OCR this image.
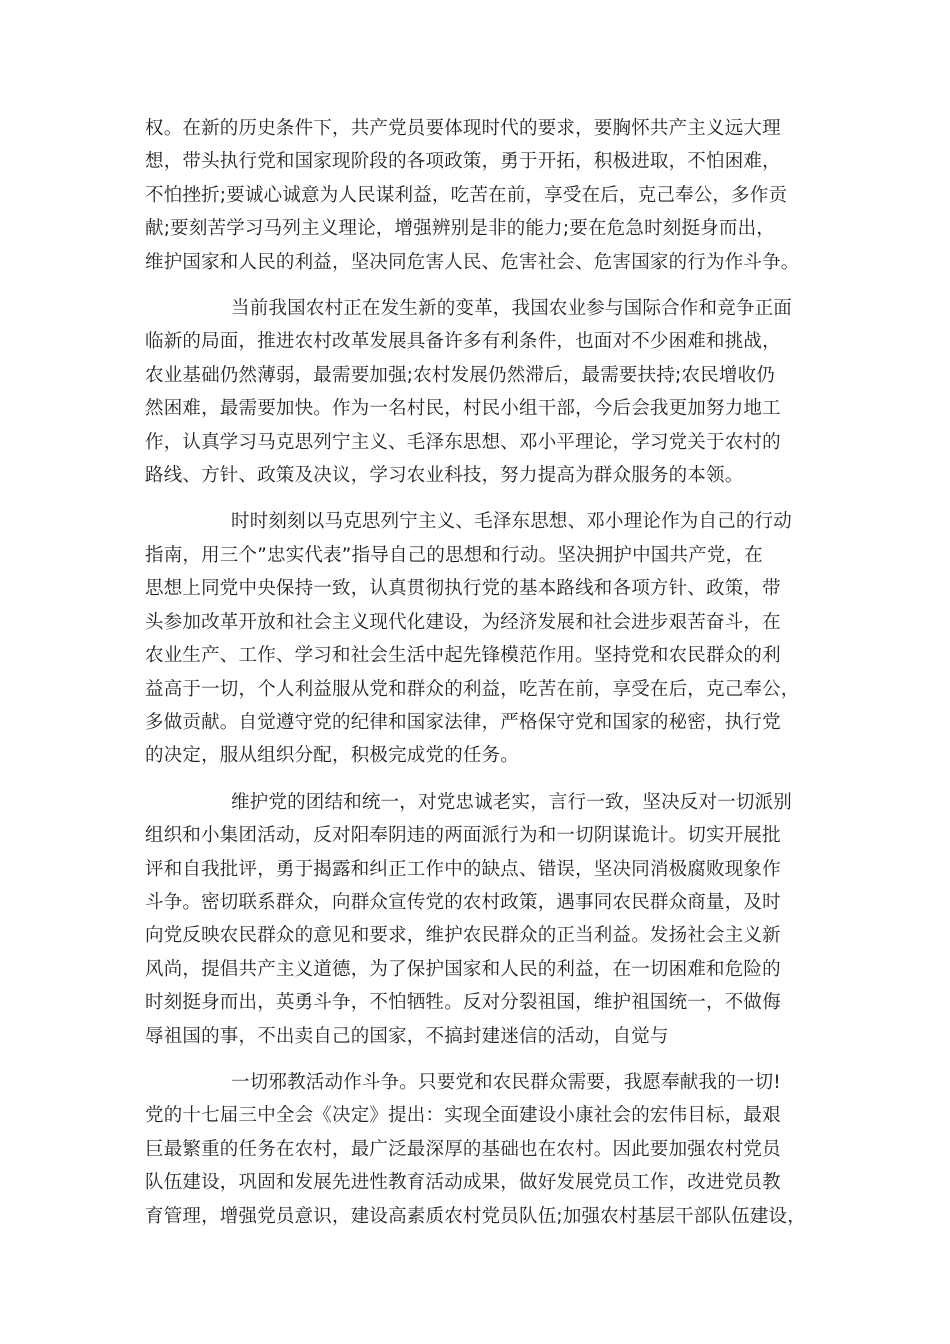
权。在新的历史条件下，共产党员要体现时代的要求，要胸怀共产主义远大理
想，带头执行党和国家现阶段的各项政策，勇于开拓，积极进取，不怕困难，
不怕挫折;要诚心诚意为人民谋利益，吃苦在前，享受在后，克己奉公，多作贡
献;要刻苦学习马列主义理论，增强辨别是非的能力;要在危急时刻挺身而出，
维护国家和人民的利益，坚决同危害人民、危害社会、危害国家的行为作斗争。

当前我国农村正在发生新的变革，我国农业参与国际合作和竞争正面
临新的局面，推进农村改革发展具备许多有利条件，也面对不少困难和挑战，
农业基础仍然薄弱，最需要加强;农村发展仍然滞后，最需要扶持;农民增收仍
然困难，最需要加快。作为一名村民，村民小组干部，今后会我更加努力地工
作，认真学习马克思列宁主义、毛泽东思想、邓小平理论，学习党关于农村的
路线、方针、政策及决议，学习农业科技，努力提高为群众服务的本领。

时时刻刻以马克思列宁主义、毛泽东思想、邓小理论作为自己的行动
指南，用三个”忠实代表”指导自己的思想和行动。坚决拥护中国共产党，在
思想上同党中央保持一致，认真贯彻执行党的基本路线和各项方针、政策，带
头参加改革开放和社会主义现代化建设，为经济发展和社会进步艰苦奋斗，在
农业生产、工作、学习和社会生活中起先锋模范作用。坚持党和农民群众的利
益高于一切，个人利益服从党和群众的利益，吃苦在前，享受在后，克己奉公，
多做贡献。自觉遵守党的纪律和国家法律，严格保守党和国家的秘密，执行党
的决定，服从组织分配，积极完成党的任务。

维护党的团结和统一，对党忠诚老实，言行一致，坚决反对一切派别
组织和小集团活动，反对阳奉阴违的两面派行为和一切阴谋诡计。切实开展批
评和自我批评，勇于揭露和纠正工作中的缺点、错误，坚决同消极腐败现象作
斗争。密切联系群众，向群众宣传党的农村政策，遇事同农民群众商量，及时
向党反映农民群众的意见和要求，维护农民群众的正当利益。发扬社会主义新
风尚，提倡共产主义道德，为了保护国家和人民的利益，在一切困难和危险的
时刻挺身而出，英勇斗争，不怕牺牲。反对分裂祖国，维护祖国统一，不做侮
辱祖国的事，不出卖自己的国家，不搞封建迷信的活动，自觉与

一切邪教活动作斗争。只要党和农民群众需要，我愿奉献我的一切!
党的十七届三中全会《决定》提出：实现全面建设小康社会的宏伟目标，最艰
巨最繁重的任务在农村，最广泛最深厚的基础也在农村。因此要加强农村党员
队伍建设，巩固和发展先进性教育活动成果，做好发展党员工作，改进党员教
育管理，增强党员意识，建设高素质农村党员队伍;加强农村基层干部队伍建设，
